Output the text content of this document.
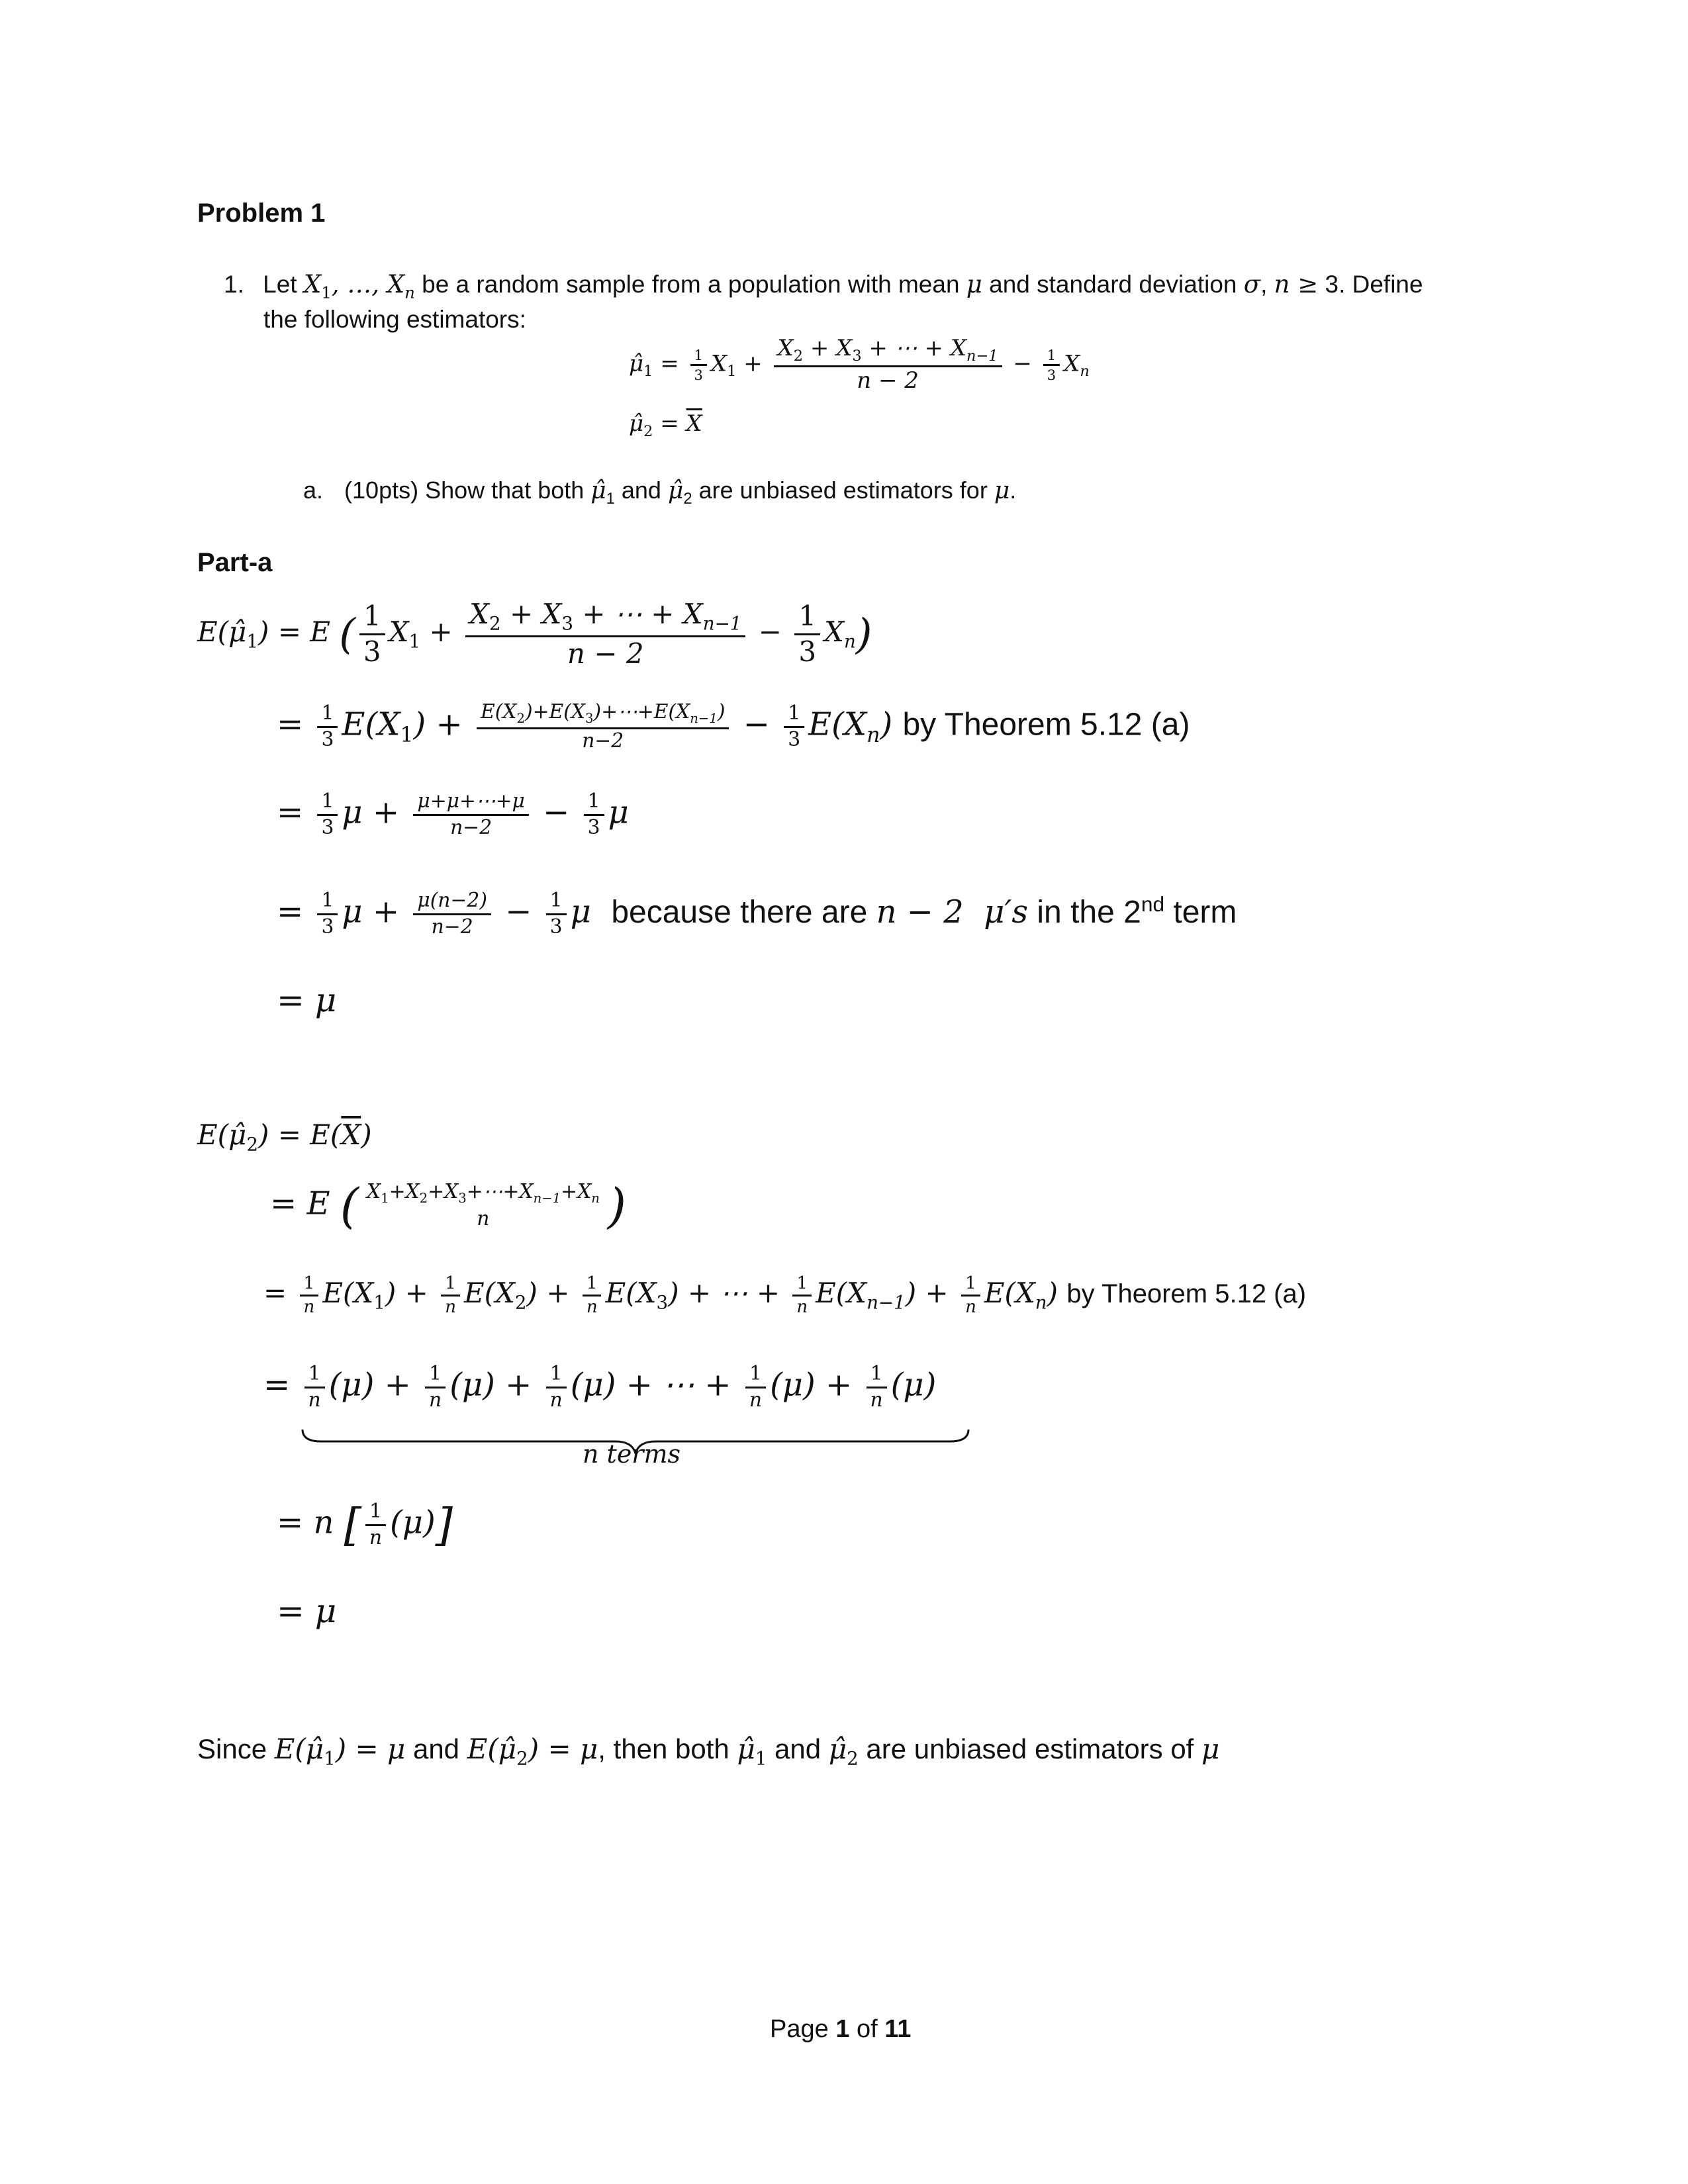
Problem 1
1. Let $X_1$, …, $X_n$ be a random sample from a population with mean μ and standard deviation σ, n ≥ 3. Define
the following estimators:
$\mû_1 = \frac{1}{3} X_1 + \frac{X_2 + X_3 + \cdots + X_{n-1}}{n - 2} - \frac{1}{3} X_n$
$\mû_2 = \overline{X}$
a. (10pts) Show that both $\mû_1$ and $\mû_2$ are unbiased estimators for μ.
Part-a
$E(\mû_1) = E$ ( $\frac{1}{3} X_1 + \frac{X_2 + X_3 + \cdots + X_{n-1}}{n - 2} - \frac{1}{3} X_n$)
= $\frac{1}{3} E(X_1) + \frac{E(X_2)+E(X_3)+\cdots+E(X_{n-1})}{n-2} - \frac{1}{3} E(X_n)$ by Theorem 5.12 (a)
= $\frac{1}{3}$ $\mu + \frac{\mu+\mu+\cdots+\mu}{n-2} - \frac{1}{3}$ μ
= $\frac{1}{3}$ $\mu + \frac{\mu(n-2)}{n-2} - \frac{1}{3}$ μ  because there are n − 2  μ′s in the 2nd term
= μ
$E(\mû_2) = E(\overline{X})$
= E ( $X_1+X_2+X_3+\cdots+X_{n-1}+X_n$
n )
= $\frac{1}{n} E(X_1) + \frac{1}{n} E(X_2) + \frac{1}{n} E(X_3)$ + ⋯ + $\frac{1}{n} E(X_{n-1}) + \frac{1}{n} E(X_n)$ by Theorem 5.12 (a)
= $\frac{1}{n} (\mu) + \frac{1}{n} (\mu) + \frac{1}{n} (\mu)$ + ⋯ + $\frac{1}{n} (\mu) + \frac{1}{n} (\mu)$
n terms
= n [ $\frac{1}{n} (\mu)$]
= μ
Since $E(\mû_1) = \mu$ and $E(\mû_2) = \mu$, then both $\mû_1$ and $\mû_2$ are unbiased estimators of μ
Page 1 of 11
